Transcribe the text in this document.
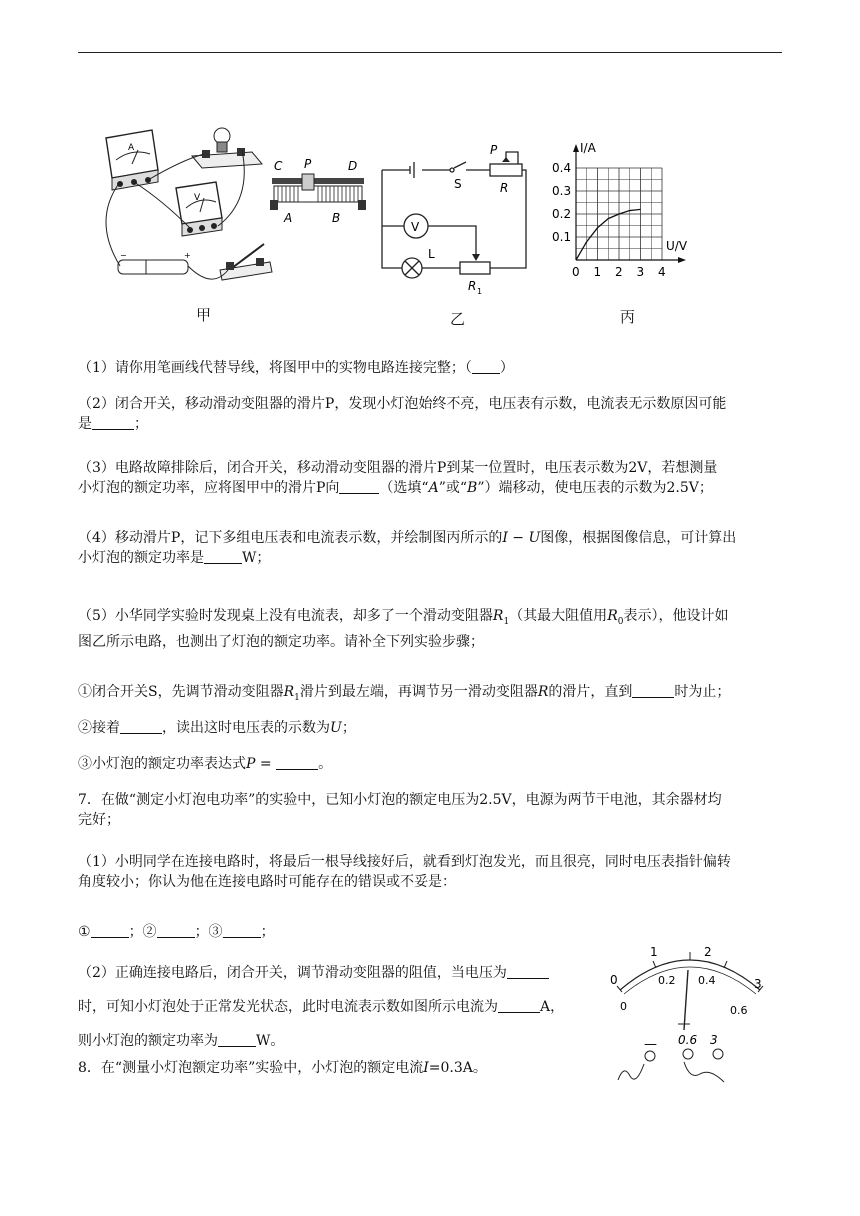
A
V
−	+
甲
C P	D
A	B
P
S	R
V
L
R 1
乙
0.4
0.3
0.2
0.1
0 1 2 3 4
I/A
U/V
丙
（1）请你用笔画线代替导线，将图甲中的实物电路连接完整；（ ）
（2）闭合开关，移动滑动变阻器的滑片P，发现小灯泡始终不亮，电压表有示数，电流表无示数原因可能
是	；
（3）电路故障排除后，闭合开关，移动滑动变阻器的滑片P到某一位置时，电压表示数为2V，若想测量
小灯泡的额定功率，应将图甲中的滑片P向	（选填“A”或“B”）端移动，使电压表的示数为2.5V；
（4）移动滑片P，记下多组电压表和电流表示数，并绘制图丙所示的I − U图像，根据图像信息，可计算出
小灯泡的额定功率是	W；
（5）小华同学实验时发现桌上没有电流表，却多了一个滑动变阻器$R_1$（其最大阻值用$R_0$表示），他设计如
图乙所示电路，也测出了灯泡的额定功率。请补全下列实验步骤；
①闭合开关S，先调节滑动变阻器$R_1$滑片到最左端，再调节另一滑动变阻器R的滑片，直到	时为止；
②接着	，读出这时电压表的示数为U；
③小灯泡的额定功率表达式P =	。
7．在做“测定小灯泡电功率”的实验中，已知小灯泡的额定电压为2.5V，电源为两节干电池，其余器材均
完好；
（1）小明同学在连接电路时，将最后一根导线接好后，就看到灯泡发光，而且很亮，同时电压表指针偏转
角度较小；你认为他在连接电路时可能存在的错误或不妥是：
①	；②	；③	；
（2）正确连接电路后，闭合开关，调节滑动变阻器的阻值，当电压为
时，可知小灯泡处于正常发光状态，此时电流表示数如图所示电流为	A，
则小灯泡的额定功率为	W。
8．在“测量小灯泡额定功率”实验中，小灯泡的额定电流I=0.3A。
0
1	2
3
0
0.2 0.4
0.6
— 0.6 3
